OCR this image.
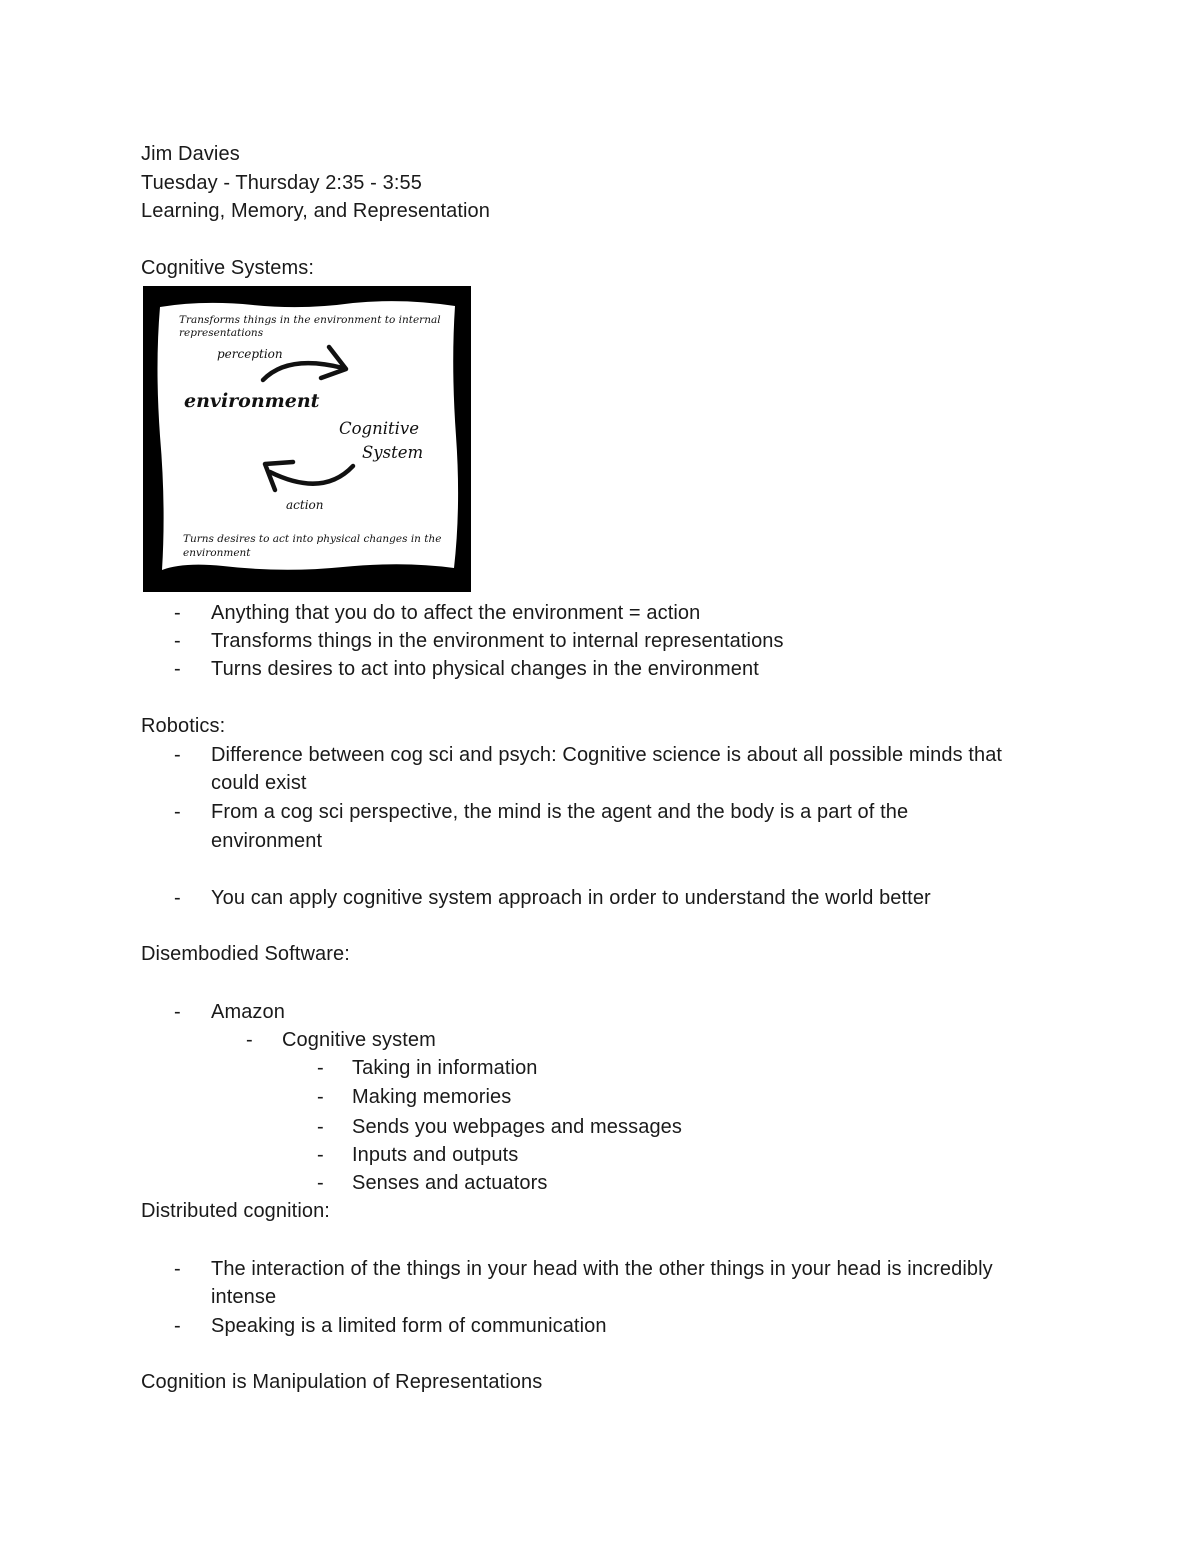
Jim Davies
Tuesday - Thursday 2:35 - 3:55
Learning, Memory, and Representation
Cognitive Systems:
Transforms things in the environment to internal
representations
perception
environment
Cognitive
System
action
Turns desires to act into physical changes in the
environment
- Anything that you do to affect the environment = action
- Transforms things in the environment to internal representations
- Turns desires to act into physical changes in the environment
Robotics:
- Difference between cog sci and psych: Cognitive science is about all possible minds that
could exist
- From a cog sci perspective, the mind is the agent and the body is a part of the
environment
- You can apply cognitive system approach in order to understand the world better
Disembodied Software:
- Amazon
- Cognitive system
- Taking in information
- Making memories
- Sends you webpages and messages
- Inputs and outputs
- Senses and actuators
Distributed cognition:
- The interaction of the things in your head with the other things in your head is incredibly
intense
- Speaking is a limited form of communication
Cognition is Manipulation of Representations
